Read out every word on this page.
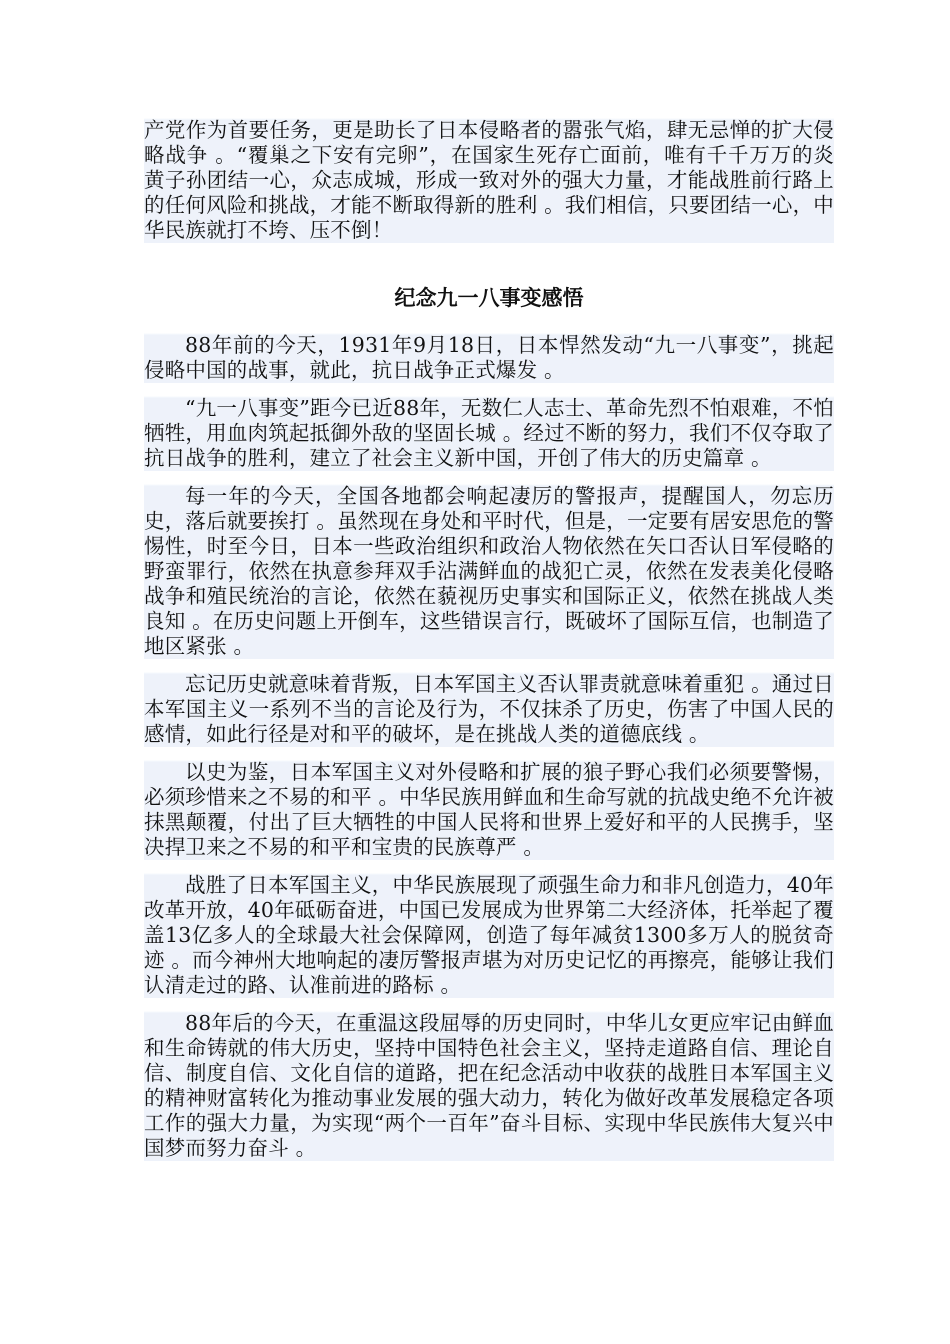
产党作为首要任务，更是助长了日本侵略者的嚣张气焰，肆无忌惮的扩大侵略战争 。“覆巢之下安有完卵”，在国家生死存亡面前，唯有千千万万的炎黄子孙团结一心，众志成城，形成一致对外的强大力量，才能战胜前行路上的任何风险和挑战，才能不断取得新的胜利 。我们相信，只要团结一心，中华民族就打不垮、压不倒！

纪念九一八事变感悟

88年前的今天，1931年9月18日，日本悍然发动“九一八事变”，挑起侵略中国的战事，就此，抗日战争正式爆发 。

“九一八事变”距今已近88年，无数仁人志士、革命先烈不怕艰难，不怕牺牲，用血肉筑起抵御外敌的坚固长城 。经过不断的努力，我们不仅夺取了抗日战争的胜利，建立了社会主义新中国，开创了伟大的历史篇章 。

每一年的今天，全国各地都会响起凄厉的警报声，提醒国人，勿忘历史，落后就要挨打 。虽然现在身处和平时代，但是，一定要有居安思危的警惕性，时至今日，日本一些政治组织和政治人物依然在矢口否认日军侵略的野蛮罪行，依然在执意参拜双手沾满鲜血的战犯亡灵，依然在发表美化侵略战争和殖民统治的言论，依然在藐视历史事实和国际正义，依然在挑战人类良知 。在历史问题上开倒车，这些错误言行，既破坏了国际互信，也制造了地区紧张 。

忘记历史就意味着背叛，日本军国主义否认罪责就意味着重犯 。通过日本军国主义一系列不当的言论及行为，不仅抹杀了历史，伤害了中国人民的感情，如此行径是对和平的破坏，是在挑战人类的道德底线 。

以史为鉴，日本军国主义对外侵略和扩展的狼子野心我们必须要警惕，必须珍惜来之不易的和平 。中华民族用鲜血和生命写就的抗战史绝不允许被抹黑颠覆，付出了巨大牺牲的中国人民将和世界上爱好和平的人民携手，坚决捍卫来之不易的和平和宝贵的民族尊严 。

战胜了日本军国主义，中华民族展现了顽强生命力和非凡创造力，40年改革开放，40年砥砺奋进，中国已发展成为世界第二大经济体，托举起了覆盖13亿多人的全球最大社会保障网，创造了每年减贫1300多万人的脱贫奇迹 。而今神州大地响起的凄厉警报声堪为对历史记忆的再擦亮，能够让我们认清走过的路、认准前进的路标 。

88年后的今天，在重温这段屈辱的历史同时，中华儿女更应牢记由鲜血和生命铸就的伟大历史，坚持中国特色社会主义，坚持走道路自信、理论自信、制度自信、文化自信的道路，把在纪念活动中收获的战胜日本军国主义的精神财富转化为推动事业发展的强大动力，转化为做好改革发展稳定各项工作的强大力量，为实现“两个一百年”奋斗目标、实现中华民族伟大复兴中国梦而努力奋斗 。
